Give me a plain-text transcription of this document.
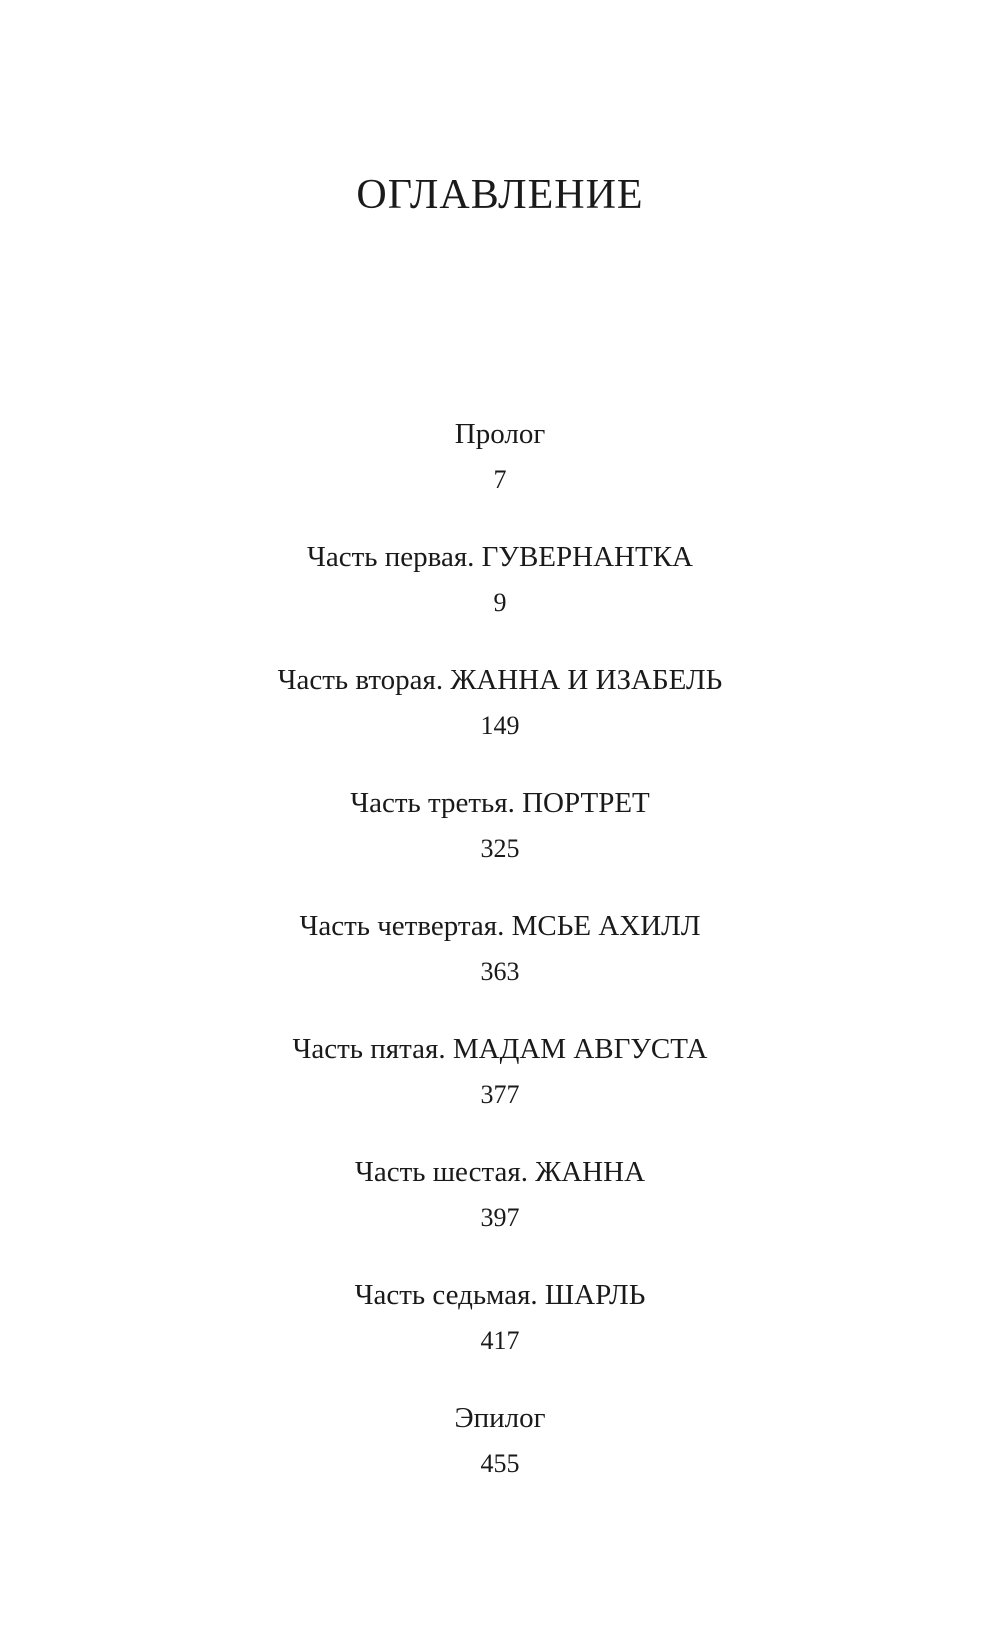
ОГЛАВЛЕНИЕ
Пролог
7
Часть первая. ГУВЕРНАНТКА
9
Часть вторая. ЖАННА И ИЗАБЕЛЬ
149
Часть третья. ПОРТРЕТ
325
Часть четвертая. МСЬЕ АХИЛЛ
363
Часть пятая. МАДАМ АВГУСТА
377
Часть шестая. ЖАННА
397
Часть седьмая. ШАРЛЬ
417
Эпилог
455
